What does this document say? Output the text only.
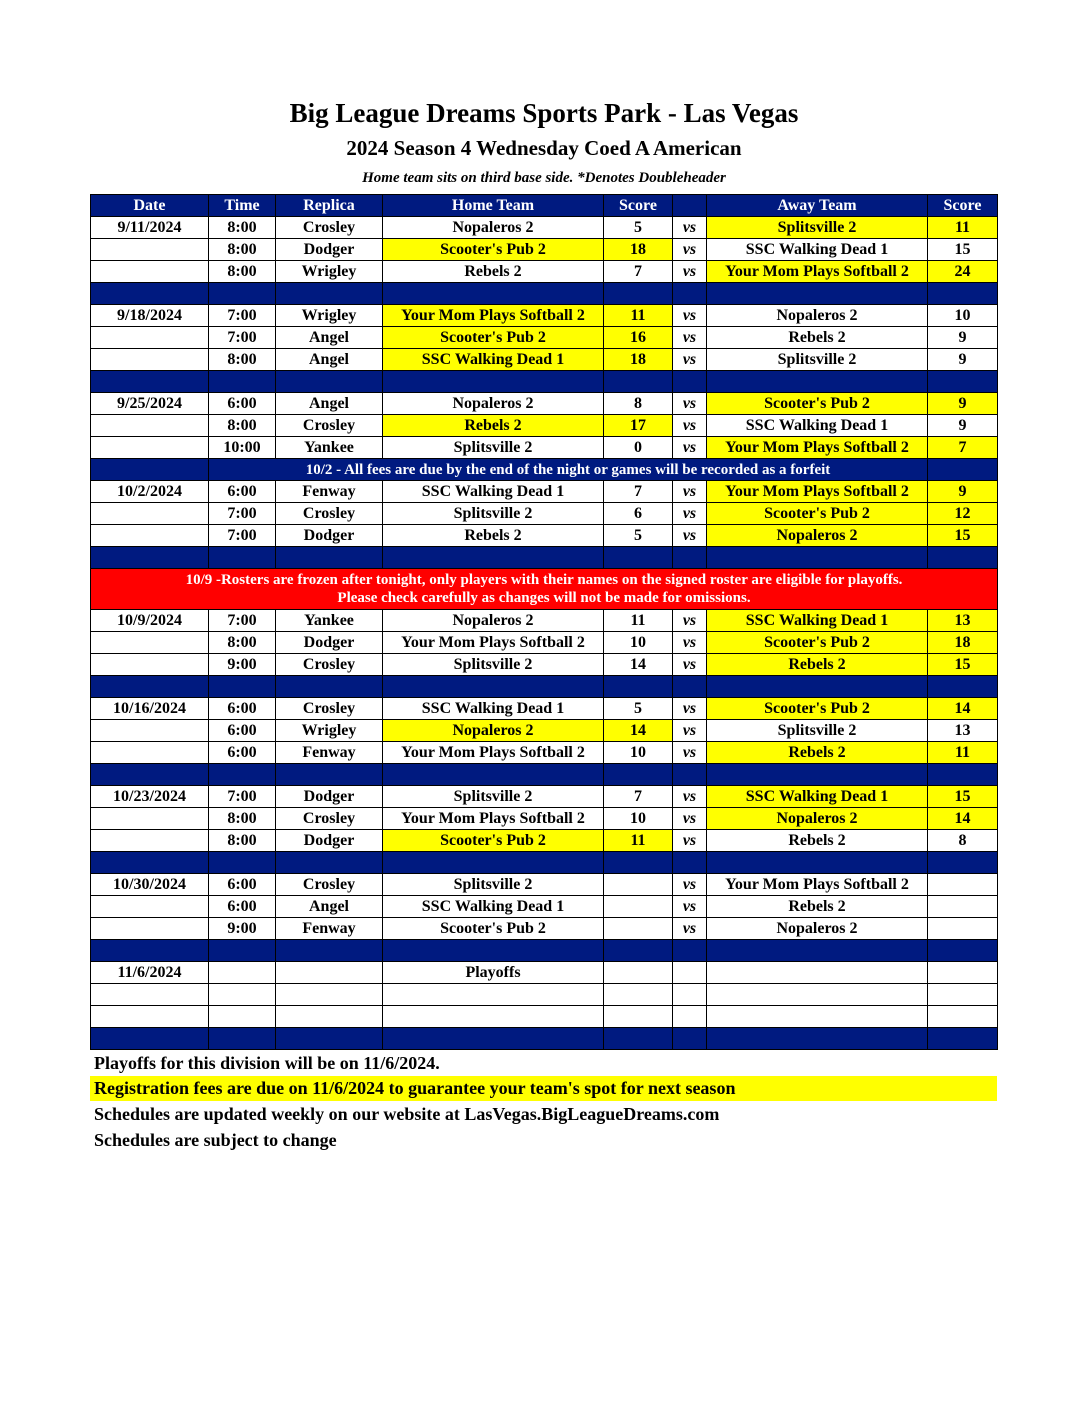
Big League Dreams Sports Park - Las Vegas
2024 Season 4 Wednesday Coed A American
Home team sits on third base side. *Denotes Doubleheader
Date	Time	Replica	Home Team	Score		Away Team	Score
9/11/2024	8:00	Crosley	Nopaleros 2	5	vs	Splitsville 2	11
	8:00	Dodger	Scooter's Pub 2	18	vs	SSC Walking Dead 1	15
	8:00	Wrigley	Rebels 2	7	vs	Your Mom Plays Softball 2	24

9/18/2024	7:00	Wrigley	Your Mom Plays Softball 2	11	vs	Nopaleros 2	10
	7:00	Angel	Scooter's Pub 2	16	vs	Rebels 2	9
	8:00	Angel	SSC Walking Dead 1	18	vs	Splitsville 2	9

9/25/2024	6:00	Angel	Nopaleros 2	8	vs	Scooter's Pub 2	9
	8:00	Crosley	Rebels 2	17	vs	SSC Walking Dead 1	9
	10:00	Yankee	Splitsville 2	0	vs	Your Mom Plays Softball 2	7
	10/2 - All fees are due by the end of the night or games will be recorded as a forfeit						
10/2/2024	6:00	Fenway	SSC Walking Dead 1	7	vs	Your Mom Plays Softball 2	9
	7:00	Crosley	Splitsville 2	6	vs	Scooter's Pub 2	12
	7:00	Dodger	Rebels 2	5	vs	Nopaleros 2	15

10/9 -Rosters are frozen after tonight, only players with their names on the signed roster are eligible for playoffs.
Please check carefully as changes will not be made for omissions.							

10/9/2024	7:00	Yankee	Nopaleros 2	11	vs	SSC Walking Dead 1	13
	8:00	Dodger	Your Mom Plays Softball 2	10	vs	Scooter's Pub 2	18
	9:00	Crosley	Splitsville 2	14	vs	Rebels 2	15

10/16/2024	6:00	Crosley	SSC Walking Dead 1	5	vs	Scooter's Pub 2	14
	6:00	Wrigley	Nopaleros 2	14	vs	Splitsville 2	13
	6:00	Fenway	Your Mom Plays Softball 2	10	vs	Rebels 2	11

10/23/2024	7:00	Dodger	Splitsville 2	7	vs	SSC Walking Dead 1	15
	8:00	Crosley	Your Mom Plays Softball 2	10	vs	Nopaleros 2	14
	8:00	Dodger	Scooter's Pub 2	11	vs	Rebels 2	8

10/30/2024	6:00	Crosley	Splitsville 2		vs	Your Mom Plays Softball 2	
	6:00	Angel	SSC Walking Dead 1		vs	Rebels 2	
	9:00	Fenway	Scooter's Pub 2		vs	Nopaleros 2	

11/6/2024			Playoffs				

Playoffs for this division will be on 11/6/2024.
Registration fees are due on 11/6/2024 to guarantee your team's spot for next season
Schedules are updated weekly on our website at LasVegas.BigLeagueDreams.com
Schedules are subject to change
